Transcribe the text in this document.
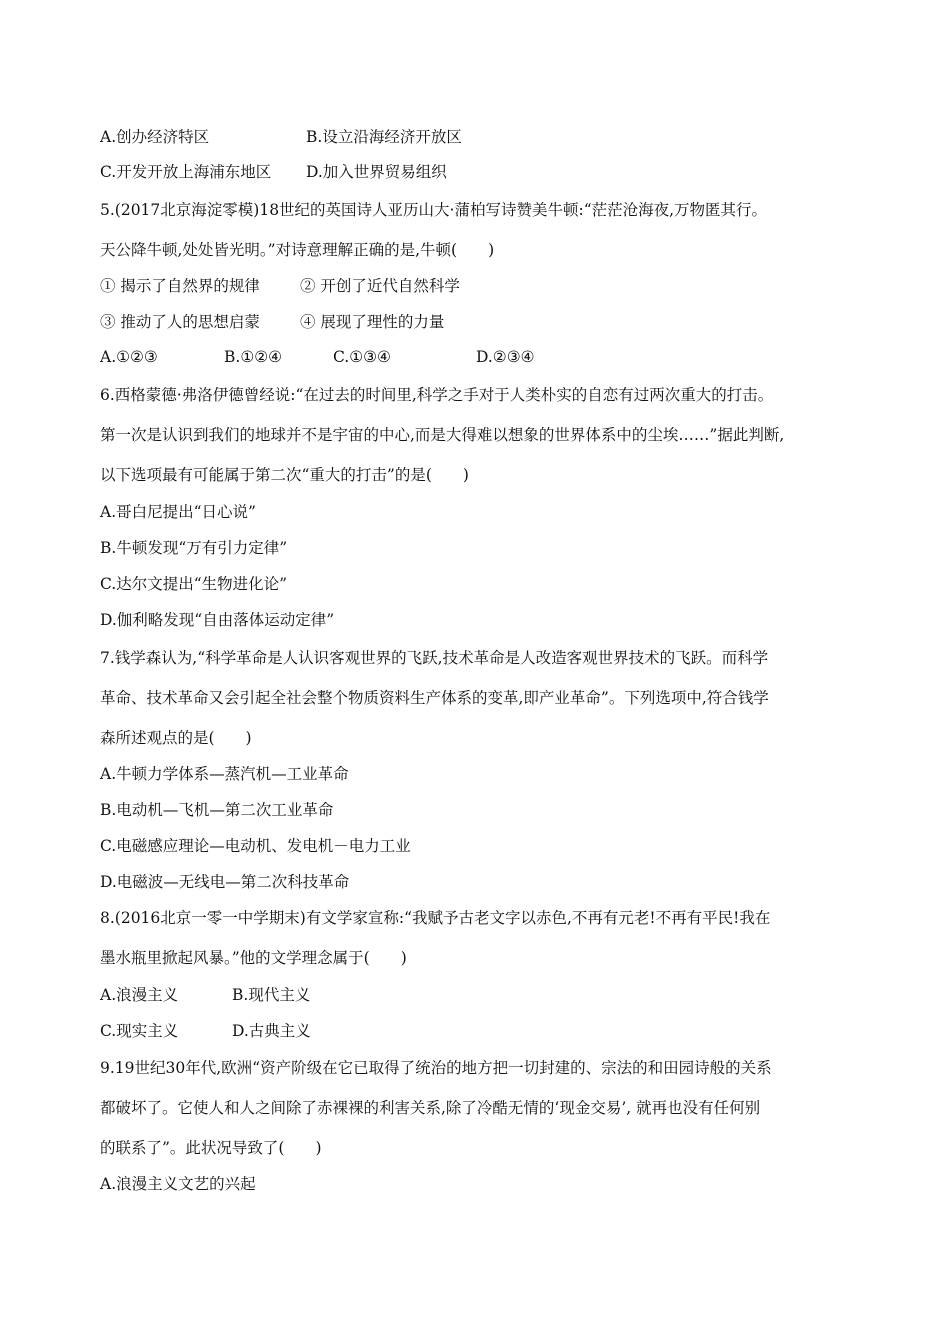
A.创办经济特区	B.设立沿海经济开放区
C.开发开放上海浦东地区 D.加入世界贸易组织
5.(2017北京海淀零模)18世纪的英国诗人亚历山大·蒲柏写诗赞美牛顿:“茫茫沧海夜,万物匿其行。
天公降牛顿,处处皆光明。”对诗意理解正确的是,牛顿(　　)
① 揭示了自然界的规律	② 开创了近代自然科学
③ 推动了人的思想启蒙	④ 展现了理性的力量
A.①②③	B.①②④	C.①③④	D.②③④
6.西格蒙德·弗洛伊德曾经说:“在过去的时间里,科学之手对于人类朴实的自恋有过两次重大的打击。
第一次是认识到我们的地球并不是宇宙的中心,而是大得难以想象的世界体系中的尘埃……”据此判断,
以下选项最有可能属于第二次“重大的打击”的是(　　)
A.哥白尼提出“日心说”
B.牛顿发现“万有引力定律”
C.达尔文提出“生物进化论”
D.伽利略发现“自由落体运动定律”
7.钱学森认为,“科学革命是人认识客观世界的飞跃,技术革命是人改造客观世界技术的飞跃。而科学
革命、技术革命又会引起全社会整个物质资料生产体系的变革,即产业革命”。下列选项中,符合钱学
森所述观点的是(　　)
A.牛顿力学体系—蒸汽机—工业革命
B.电动机—飞机—第二次工业革命
C.电磁感应理论—电动机、发电机－电力工业
D.电磁波—无线电—第二次科技革命
8.(2016北京一零一中学期末)有文学家宣称:“我赋予古老文字以赤色,不再有元老!不再有平民!我在
墨水瓶里掀起风暴。”他的文学理念属于(　　)
A.浪漫主义	B.现代主义
C.现实主义	D.古典主义
9.19世纪30年代,欧洲“资产阶级在它已取得了统治的地方把一切封建的、宗法的和田园诗般的关系
都破坏了。它使人和人之间除了赤裸裸的利害关系,除了冷酷无情的‘现金交易’, 就再也没有任何别
的联系了”。此状况导致了(　　)
A.浪漫主义文艺的兴起
